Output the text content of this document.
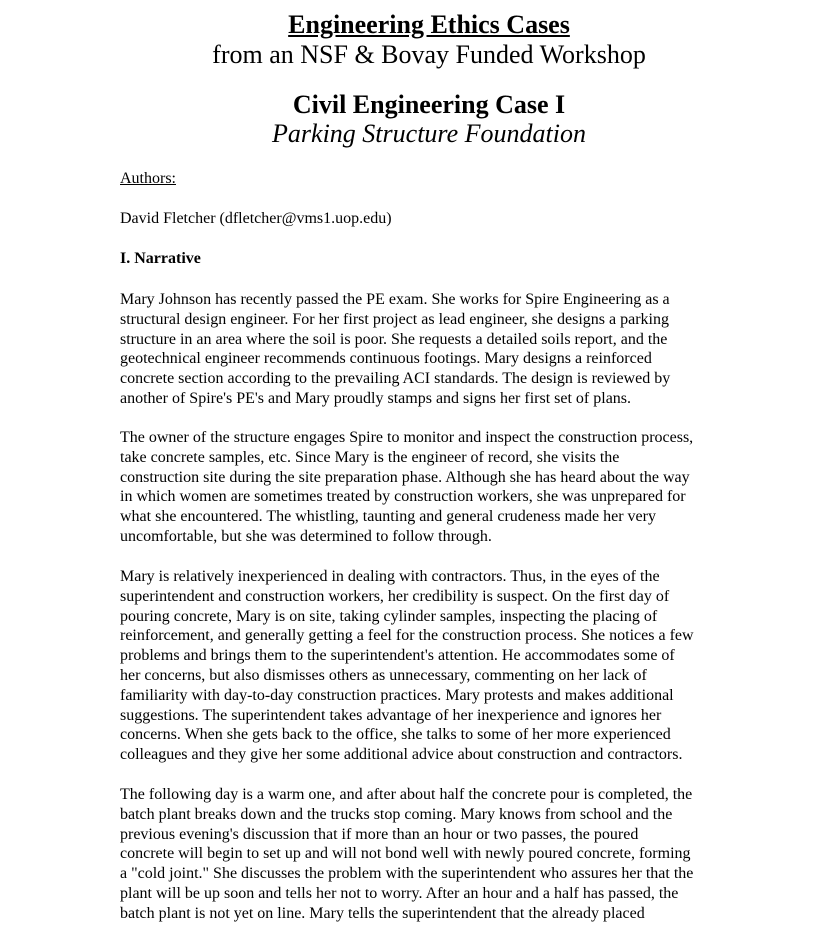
Engineering Ethics Cases
from an NSF & Bovay Funded Workshop
Civil Engineering Case I
Parking Structure Foundation
Authors:
David Fletcher (dfletcher@vms1.uop.edu)
I. Narrative
Mary Johnson has recently passed the PE exam. She works for Spire Engineering as a
structural design engineer. For her first project as lead engineer, she designs a parking
structure in an area where the soil is poor. She requests a detailed soils report, and the
geotechnical engineer recommends continuous footings. Mary designs a reinforced
concrete section according to the prevailing ACI standards. The design is reviewed by
another of Spire's PE's and Mary proudly stamps and signs her first set of plans.
The owner of the structure engages Spire to monitor and inspect the construction process,
take concrete samples, etc. Since Mary is the engineer of record, she visits the
construction site during the site preparation phase. Although she has heard about the way
in which women are sometimes treated by construction workers, she was unprepared for
what she encountered. The whistling, taunting and general crudeness made her very
uncomfortable, but she was determined to follow through.
Mary is relatively inexperienced in dealing with contractors. Thus, in the eyes of the
superintendent and construction workers, her credibility is suspect. On the first day of
pouring concrete, Mary is on site, taking cylinder samples, inspecting the placing of
reinforcement, and generally getting a feel for the construction process. She notices a few
problems and brings them to the superintendent's attention. He accommodates some of
her concerns, but also dismisses others as unnecessary, commenting on her lack of
familiarity with day-to-day construction practices. Mary protests and makes additional
suggestions. The superintendent takes advantage of her inexperience and ignores her
concerns. When she gets back to the office, she talks to some of her more experienced
colleagues and they give her some additional advice about construction and contractors.
The following day is a warm one, and after about half the concrete pour is completed, the
batch plant breaks down and the trucks stop coming. Mary knows from school and the
previous evening's discussion that if more than an hour or two passes, the poured
concrete will begin to set up and will not bond well with newly poured concrete, forming
a "cold joint." She discusses the problem with the superintendent who assures her that the
plant will be up soon and tells her not to worry. After an hour and a half has passed, the
batch plant is not yet on line. Mary tells the superintendent that the already placed
